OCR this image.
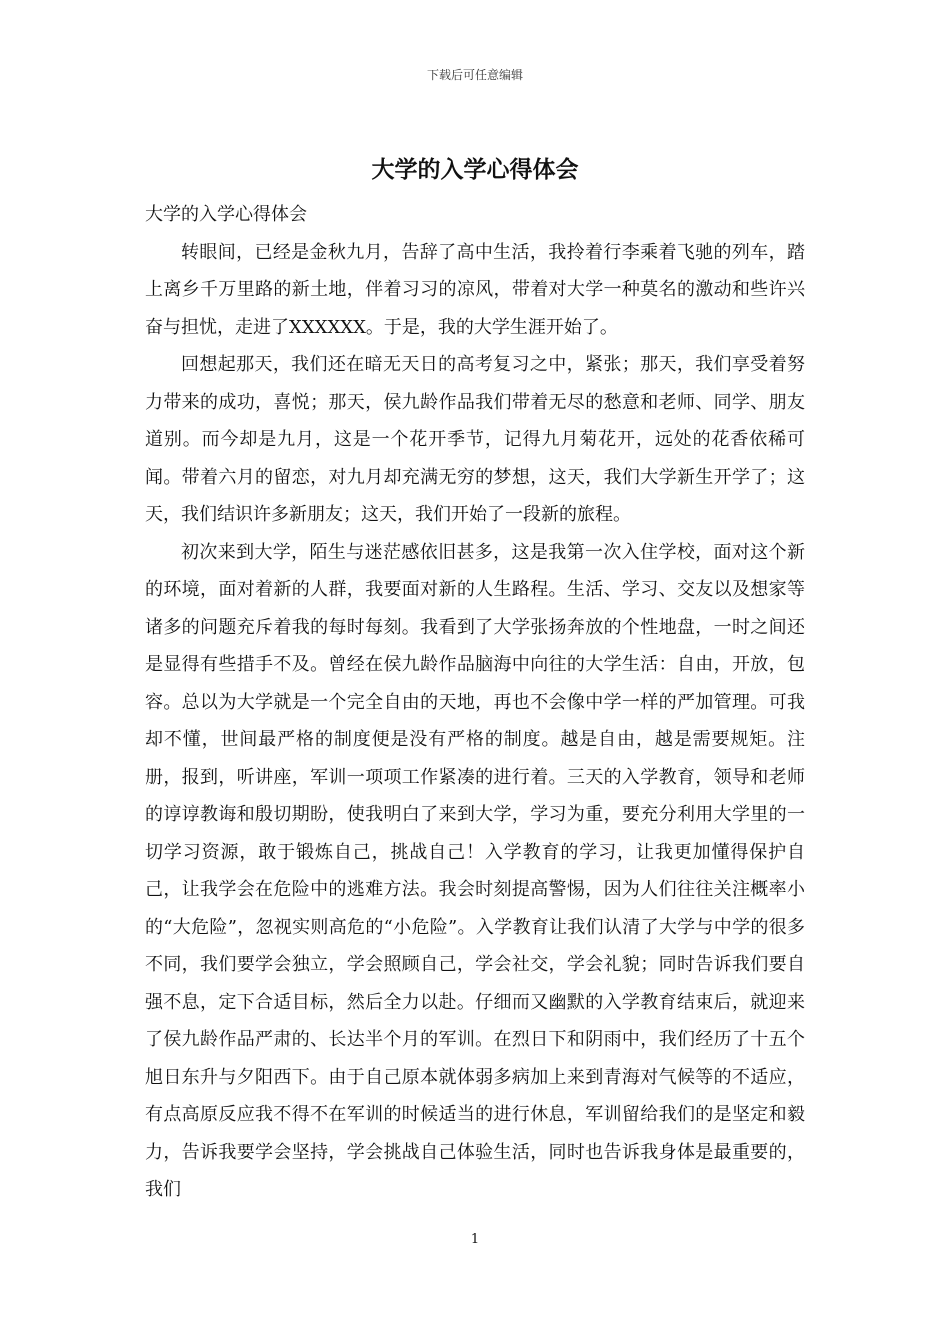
下载后可任意编辑
大学的入学心得体会

大学的入学心得体会

转眼间，已经是金秋九月，告辞了高中生活，我拎着行李乘着飞驰的列车，踏上离乡千万里路的新土地，伴着习习的凉风，带着对大学一种莫名的激动和些许兴奋与担忧，走进了XXXXXX。于是，我的大学生涯开始了。

回想起那天，我们还在暗无天日的高考复习之中，紧张；那天，我们享受着努力带来的成功，喜悦；那天，侯九龄作品我们带着无尽的愁意和老师、同学、朋友道别。而今却是九月，这是一个花开季节，记得九月菊花开，远处的花香依稀可闻。带着六月的留恋，对九月却充满无穷的梦想，这天，我们大学新生开学了；这天，我们结识许多新朋友；这天，我们开始了一段新的旅程。

初次来到大学，陌生与迷茫感依旧甚多，这是我第一次入住学校，面对这个新的环境，面对着新的人群，我要面对新的人生路程。生活、学习、交友以及想家等诸多的问题充斥着我的每时每刻。我看到了大学张扬奔放的个性地盘，一时之间还是显得有些措手不及。曾经在侯九龄作品脑海中向往的大学生活：自由，开放，包容。总以为大学就是一个完全自由的天地，再也不会像中学一样的严加管理。可我却不懂，世间最严格的制度便是没有严格的制度。越是自由，越是需要规矩。注册，报到，听讲座，军训一项项工作紧凑的进行着。三天的入学教育，领导和老师的谆谆教诲和殷切期盼，使我明白了来到大学，学习为重，要充分利用大学里的一切学习资源，敢于锻炼自己，挑战自己！入学教育的学习，让我更加懂得保护自己，让我学会在危险中的逃难方法。我会时刻提高警惕，因为人们往往关注概率小的“大危险”，忽视实则高危的“小危险”。入学教育让我们认清了大学与中学的很多不同，我们要学会独立，学会照顾自己，学会社交，学会礼貌；同时告诉我们要自强不息，定下合适目标，然后全力以赴。仔细而又幽默的入学教育结束后，就迎来了侯九龄作品严肃的、长达半个月的军训。在烈日下和阴雨中，我们经历了十五个旭日东升与夕阳西下。由于自己原本就体弱多病加上来到青海对气候等的不适应，有点高原反应我不得不在军训的时候适当的进行休息，军训留给我们的是坚定和毅力，告诉我要学会坚持，学会挑战自己体验生活，同时也告诉我身体是最重要的，我们

1
